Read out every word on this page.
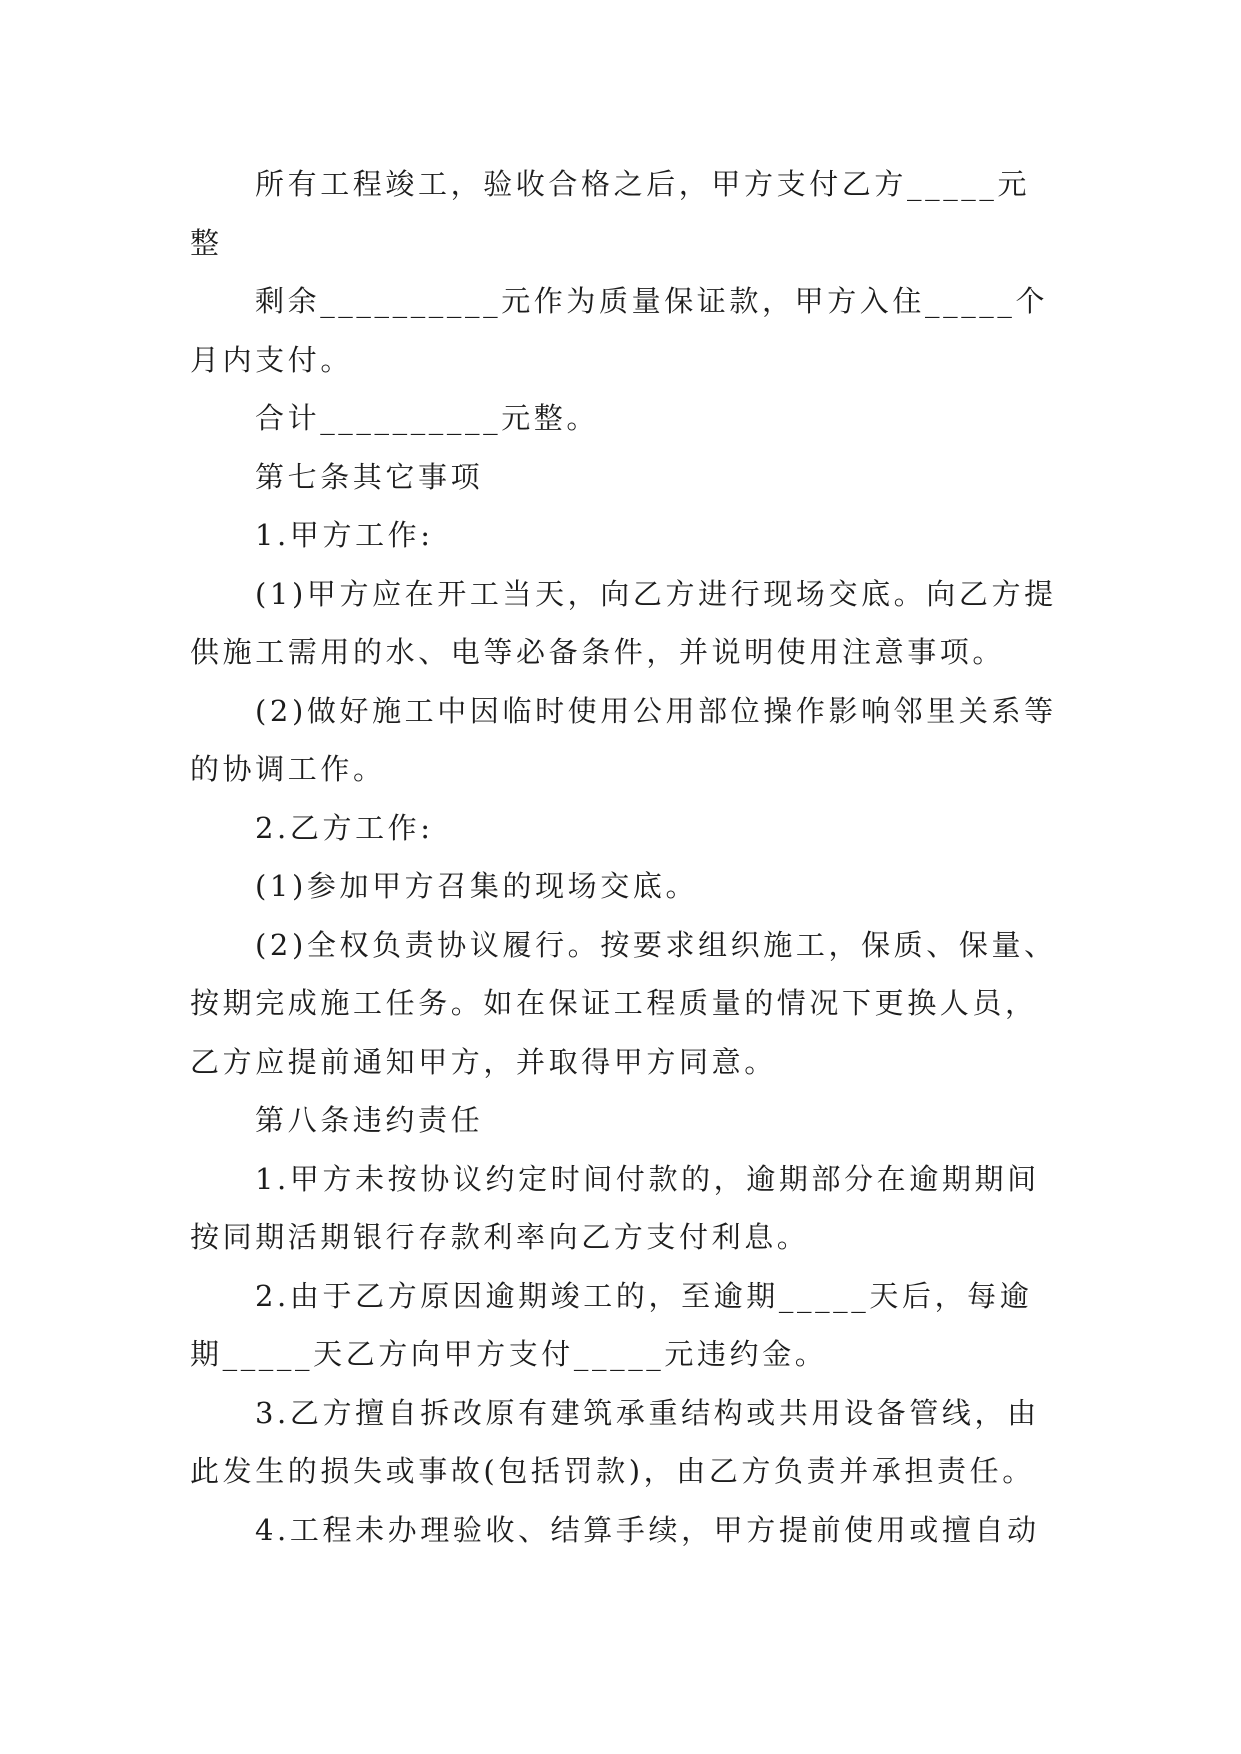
所有工程竣工，验收合格之后，甲方支付乙方_____元整

剩余__________元作为质量保证款，甲方入住_____个月内支付。

合计__________元整。

第七条其它事项

1.甲方工作:

(1)甲方应在开工当天，向乙方进行现场交底。向乙方提供施工需用的水、电等必备条件，并说明使用注意事项。

(2)做好施工中因临时使用公用部位操作影响邻里关系等的协调工作。

2.乙方工作:

(1)参加甲方召集的现场交底。

(2)全权负责协议履行。按要求组织施工，保质、保量、按期完成施工任务。如在保证工程质量的情况下更换人员，乙方应提前通知甲方，并取得甲方同意。

第八条违约责任

1.甲方未按协议约定时间付款的，逾期部分在逾期期间按同期活期银行存款利率向乙方支付利息。

2.由于乙方原因逾期竣工的，至逾期_____天后，每逾期_____天乙方向甲方支付_____元违约金。

3.乙方擅自拆改原有建筑承重结构或共用设备管线，由此发生的损失或事故(包括罚款)，由乙方负责并承担责任。

4.工程未办理验收、结算手续，甲方提前使用或擅自动
